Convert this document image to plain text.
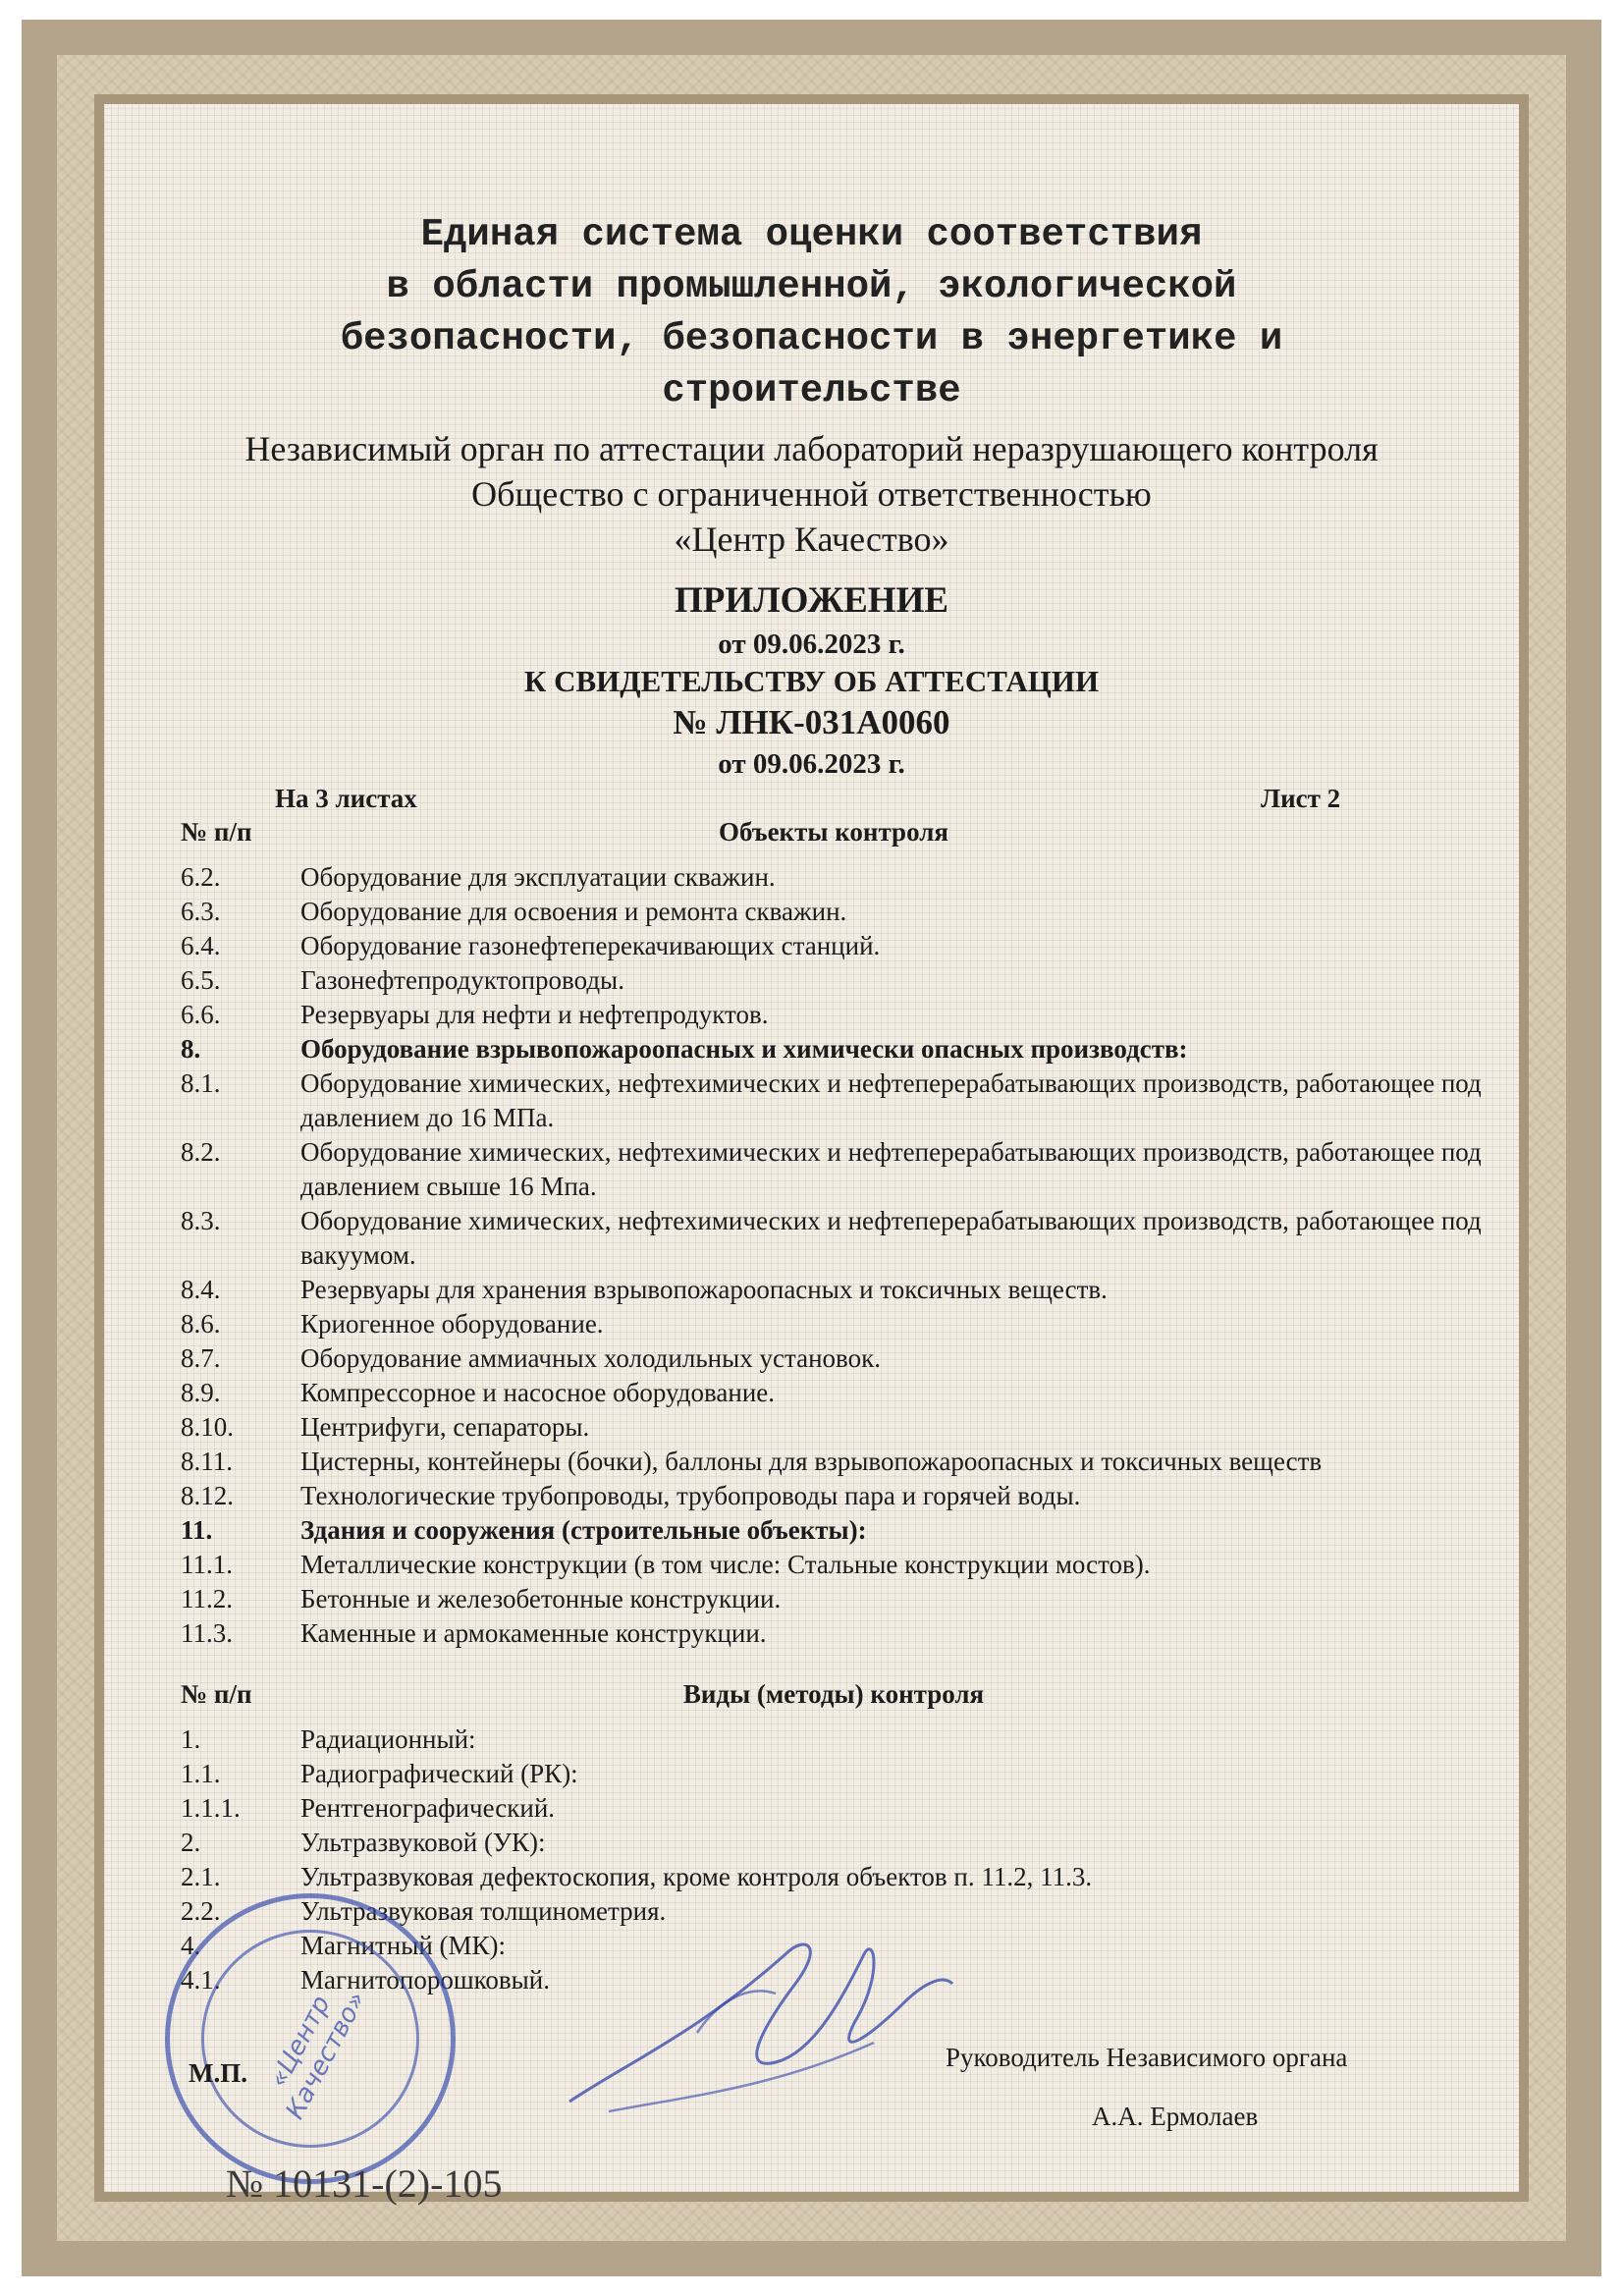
Единая система оценки соответствия
в области промышленной, экологической
безопасности, безопасности в энергетике и
строительстве
Независимый орган по аттестации лабораторий неразрушающего контроля
Общество с ограниченной ответственностью
«Центр Качество»
ПРИЛОЖЕНИЕ
от 09.06.2023 г.
К СВИДЕТЕЛЬСТВУ ОБ АТТЕСТАЦИИ
№ ЛНК-031А0060
от 09.06.2023 г.
На 3 листах	Лист 2
№ п/п	Объекты контроля
6.2.	Оборудование для эксплуатации скважин.
6.3.	Оборудование для освоения и ремонта скважин.
6.4.	Оборудование газонефтеперекачивающих станций.
6.5.	Газонефтепродуктопроводы.
6.6.	Резервуары для нефти и нефтепродуктов.
8.	Оборудование взрывопожароопасных и химически опасных производств:
8.1.	Оборудование химических, нефтехимических и нефтеперерабатывающих производств, работающее под давлением до 16 МПа.
8.2.	Оборудование химических, нефтехимических и нефтеперерабатывающих производств, работающее под давлением свыше 16 Мпа.
8.3.	Оборудование химических, нефтехимических и нефтеперерабатывающих производств, работающее под вакуумом.
8.4.	Резервуары для хранения взрывопожароопасных и токсичных веществ.
8.6.	Криогенное оборудование.
8.7.	Оборудование аммиачных холодильных установок.
8.9.	Компрессорное и насосное оборудование.
8.10.	Центрифуги, сепараторы.
8.11.	Цистерны, контейнеры (бочки), баллоны для взрывопожароопасных и токсичных веществ
8.12.	Технологические трубопроводы, трубопроводы пара и горячей воды.
11.	Здания и сооружения (строительные объекты):
11.1.	Металлические конструкции (в том числе: Стальные конструкции мостов).
11.2.	Бетонные и железобетонные конструкции.
11.3.	Каменные и армокаменные конструкции.
№ п/п	Виды (методы) контроля
1.	Радиационный:
1.1.	Радиографический (РК):
1.1.1.	Рентгенографический.
2.	Ультразвуковой (УК):
2.1.	Ультразвуковая дефектоскопия, кроме контроля объектов п. 11.2, 11.3.
2.2.	Ультразвуковая толщинометрия.
4.	Магнитный (МК):
4.1.	Магнитопорошковый.
«Центр Качество»	Руководитель Независимого органа
А.А. Ермолаев
М.П.
№ 10131-(2)-105
